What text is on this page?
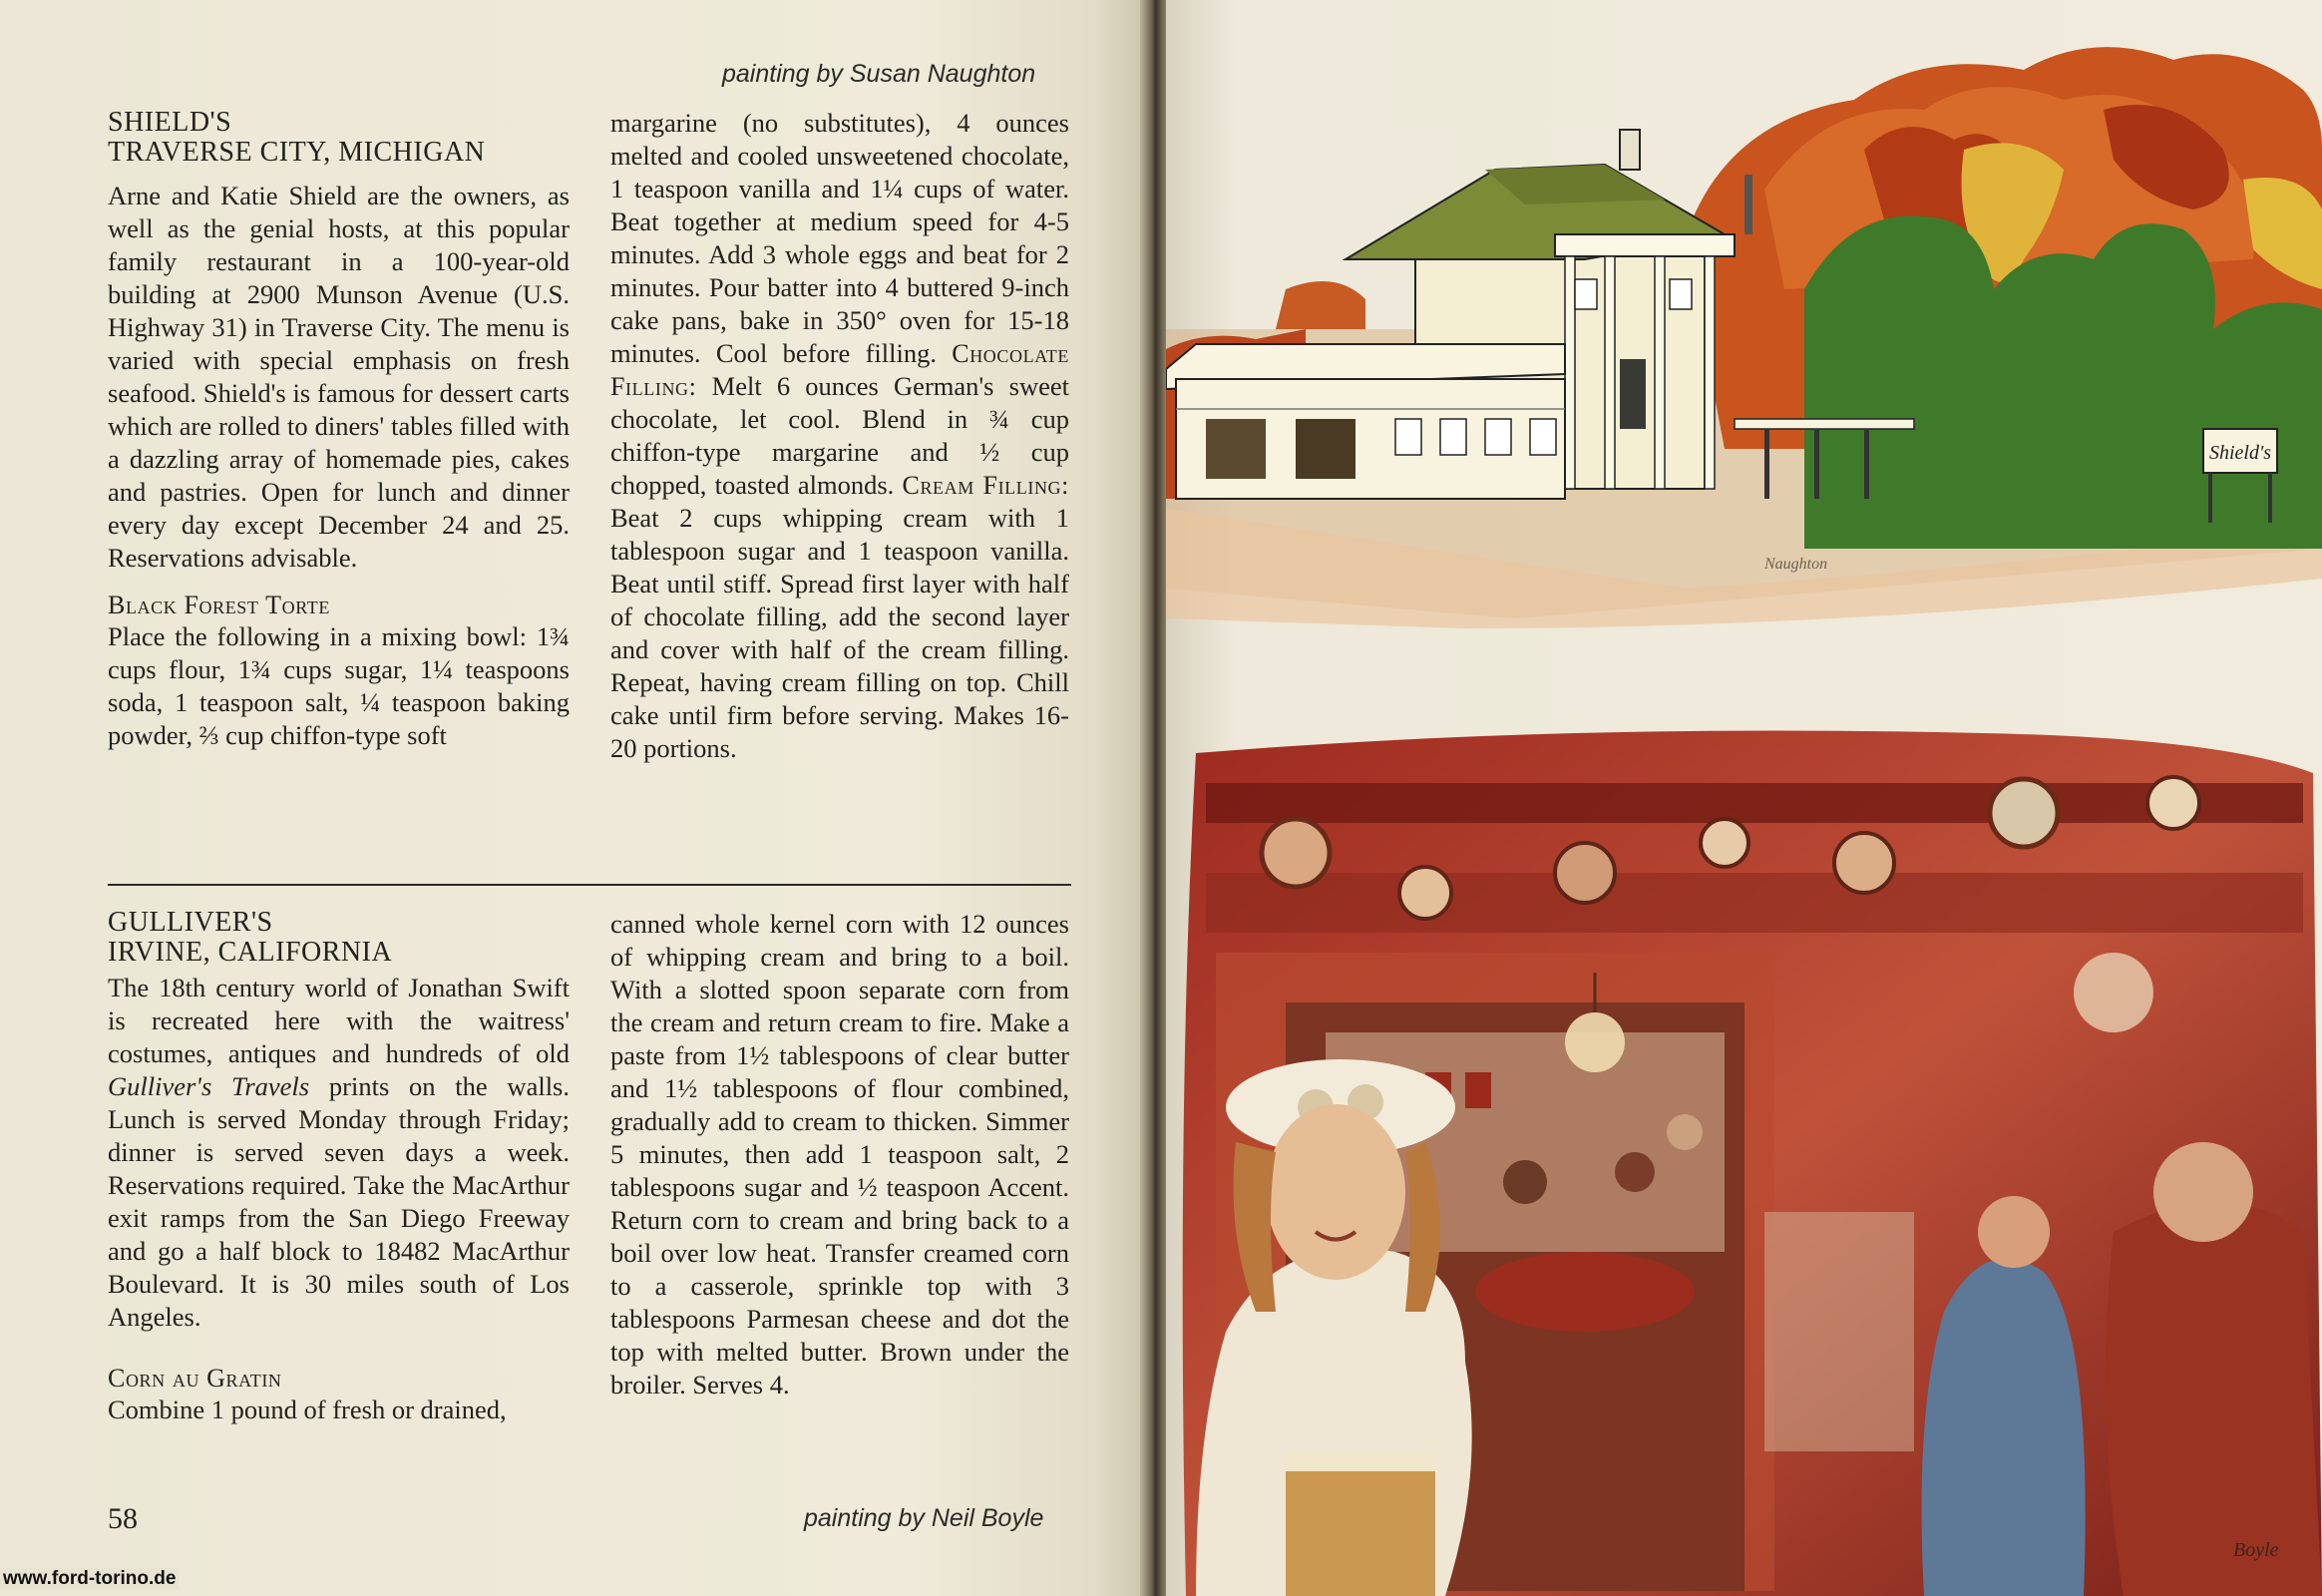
painting by Susan Naughton
painting by Neil Boyle
SHIELD'S
TRAVERSE CITY, MICHIGAN

Arne and Katie Shield are the owners, as well as the genial hosts, at this popular family restaurant in a 100-year-old building at 2900 Munson Avenue (U.S. Highway 31) in Traverse City. The menu is varied with special emphasis on fresh seafood. Shield's is famous for dessert carts which are rolled to diners' tables filled with a dazzling array of homemade pies, cakes and pastries. Open for lunch and dinner every day except December 24 and 25. Reservations advisable.

Black Forest Torte

Place the following in a mixing bowl: 1¾ cups flour, 1¾ cups sugar, 1¼ teaspoons soda, 1 teaspoon salt, ¼ teaspoon baking powder, ⅔ cup chiffon-type soft

margarine (no substitutes), 4 ounces melted and cooled unsweetened chocolate, 1 teaspoon vanilla and 1¼ cups of water. Beat together at medium speed for 4-5 minutes. Add 3 whole eggs and beat for 2 minutes. Pour batter into 4 buttered 9-inch cake pans, bake in 350° oven for 15-18 minutes. Cool before filling. Chocolate Filling: Melt 6 ounces German's sweet chocolate, let cool. Blend in ¾ cup chiffon-type margarine and ½ cup chopped, toasted almonds. Cream Filling: Beat 2 cups whipping cream with 1 tablespoon sugar and 1 teaspoon vanilla. Beat until stiff. Spread first layer with half of chocolate filling, add the second layer and cover with half of the cream filling. Repeat, having cream filling on top. Chill cake until firm before serving. Makes 16-20 portions.

GULLIVER'S
IRVINE, CALIFORNIA

The 18th century world of Jonathan Swift is recreated here with the waitress' costumes, antiques and hundreds of old Gulliver's Travels prints on the walls. Lunch is served Monday through Friday; dinner is served seven days a week. Reservations required. Take the MacArthur exit ramps from the San Diego Freeway and go a half block to 18482 MacArthur Boulevard. It is 30 miles south of Los Angeles.

Corn au Gratin

Combine 1 pound of fresh or drained,

canned whole kernel corn with 12 ounces of whipping cream and bring to a boil. With a slotted spoon separate corn from the cream and return cream to fire. Make a paste from 1½ tablespoons of clear butter and 1½ tablespoons of flour combined, gradually add to cream to thicken. Simmer 5 minutes, then add 1 teaspoon salt, 2 tablespoons sugar and ½ teaspoon Accent. Return corn to cream and bring back to a boil over low heat. Transfer creamed corn to a casserole, sprinkle top with 3 tablespoons Parmesan cheese and dot the top with melted butter. Brown under the broiler. Serves 4.

58
www.ford-torino.de
Shield's
Naughton
Boyle
